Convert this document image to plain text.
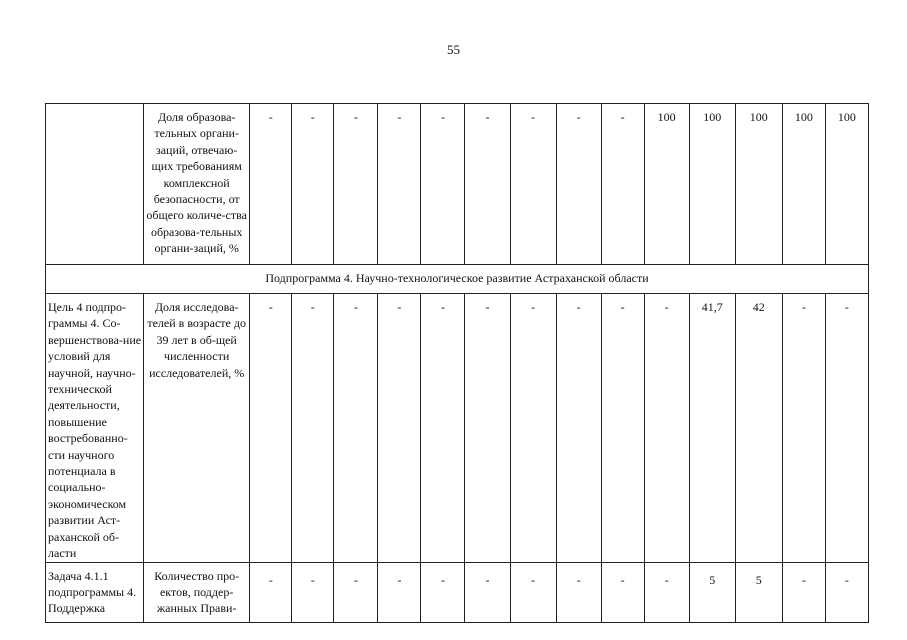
55
	Доля образова-тельных органи-заций, отвечаю-щих требованиям комплексной безопасности, от общего количе-ства образова-тельных органи-заций, %	-	-	-	-	-	-	-	-	-	100	100	100	100	100
Подпрограмма 4. Научно-технологическое развитие Астраханской области															
Цель 4 подпро-граммы 4. Со-вершенствова-ние условий для научной, научно-технической деятельности, повышение востребованно-сти научного потенциала в социально-экономическом развитии Аст-раханской об-ласти	Доля исследова-телей в возрасте до 39 лет в об-щей численности исследователей, %	-	-	-	-	-	-	-	-	-	-	41,7	42	-	-
Задача 4.1.1 подпрограммы 4. Поддержка	Количество про-ектов, поддер-жанных Прави-	-	-	-	-	-	-	-	-	-	-	5	5	-	-
